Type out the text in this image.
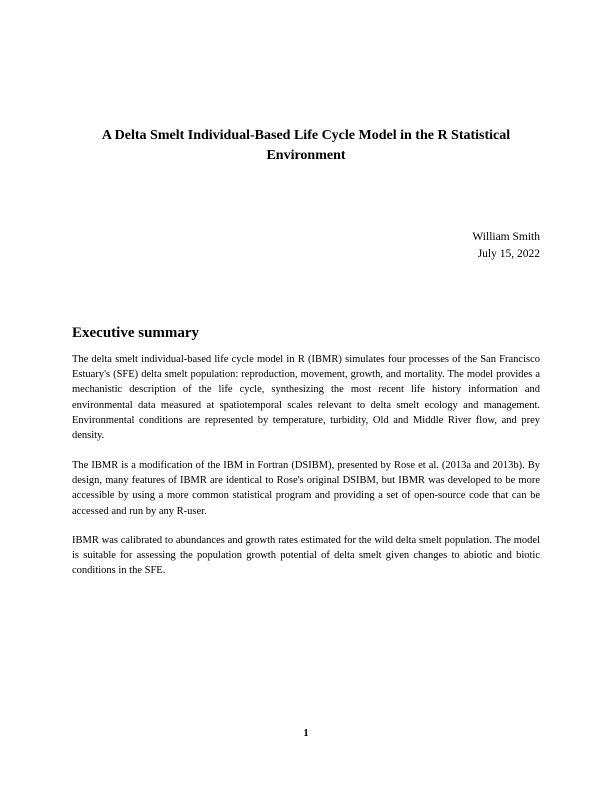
A Delta Smelt Individual-Based Life Cycle Model in the R Statistical Environment
William Smith
July 15, 2022
Executive summary

The delta smelt individual-based life cycle model in R (IBMR) simulates four processes of the San Francisco Estuary's (SFE) delta smelt population: reproduction, movement, growth, and mortality. The model provides a mechanistic description of the life cycle, synthesizing the most recent life history information and environmental data measured at spatiotemporal scales relevant to delta smelt ecology and management. Environmental conditions are represented by temperature, turbidity, Old and Middle River flow, and prey density.

The IBMR is a modification of the IBM in Fortran (DSIBM), presented by Rose et al. (2013a and 2013b). By design, many features of IBMR are identical to Rose's original DSIBM, but IBMR was developed to be more accessible by using a more common statistical program and providing a set of open-source code that can be accessed and run by any R-user.

IBMR was calibrated to abundances and growth rates estimated for the wild delta smelt population. The model is suitable for assessing the population growth potential of delta smelt given changes to abiotic and biotic conditions in the SFE.

1
